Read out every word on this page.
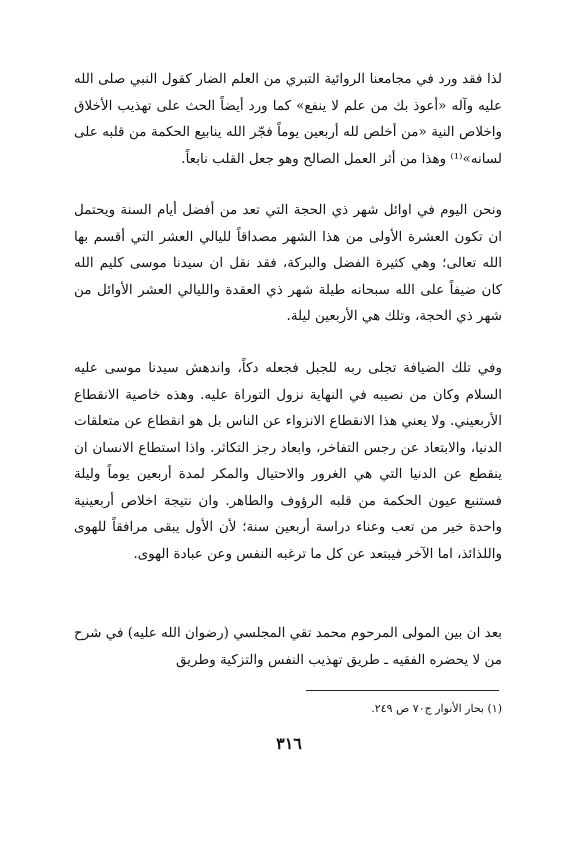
لذا فقد ورد في مجامعنا الروائية التبري من العلم الضار كقول النبي صلى الله عليه وآله «أعوذ بك من علم لا ينفع» كما ورد أيضاً الحث على تهذيب الأخلاق واخلاص النية «من أخلص لله أربعين يوماً فجّر الله ينابيع الحكمة من قلبه على لسانه»⁽¹⁾ وهذا من أثر العمل الصالح وهو جعل القلب نابعاً.

ونحن اليوم في اوائل شهر ذي الحجة التي تعد من أفضل أيام السنة ويحتمل ان تكون العشرة الأولى من هذا الشهر مصداقاً لليالي العشر التي أقسم بها الله تعالى؛ وهي كثيرة الفضل والبركة، فقد نقل ان سيدنا موسى كليم الله كان ضيفاً على الله سبحانه طيلة شهر ذي العقدة والليالي العشر الأوائل من شهر ذي الحجة، وتلك هي الأربعين ليلة.

وفي تلك الضيافة تجلى ربه للجبل فجعله دكاً، واندهش سيدنا موسى عليه السلام وكان من نصيبه في النهاية نزول التوراة عليه. وهذه خاصية الانقطاع الأربعيني. ولا يعني هذا الانقطاع الانزواء عن الناس بل هو انقطاع عن متعلقات الدنيا، والابتعاد عن رجس التفاخر، وابعاد رجز التكاثر. واذا استطاع الانسان ان ينقطع عن الدنيا التي هي الغرور والاحتيال والمكر لمدة أربعين يوماً وليلة فستنبع عيون الحكمة من قلبه الرؤوف والطاهر. وان نتيجة اخلاص أربعينية واحدة خير من تعب وعناء دراسة أربعين سنة؛ لأن الأول يبقى مرافقاً للهوى واللذائذ، اما الآخر فيبتعد عن كل ما ترغبه النفس وعن عبادة الهوى.

بعد ان بين المولى المرحوم محمد تقي المجلسي (رضوان الله عليه) في شرح من لا يحضره الفقيه ـ طريق تهذيب النفس والتزكية وطريق

(١) بحار الأنوار ج٧٠ ص ٢٤٩.

٣١٦
